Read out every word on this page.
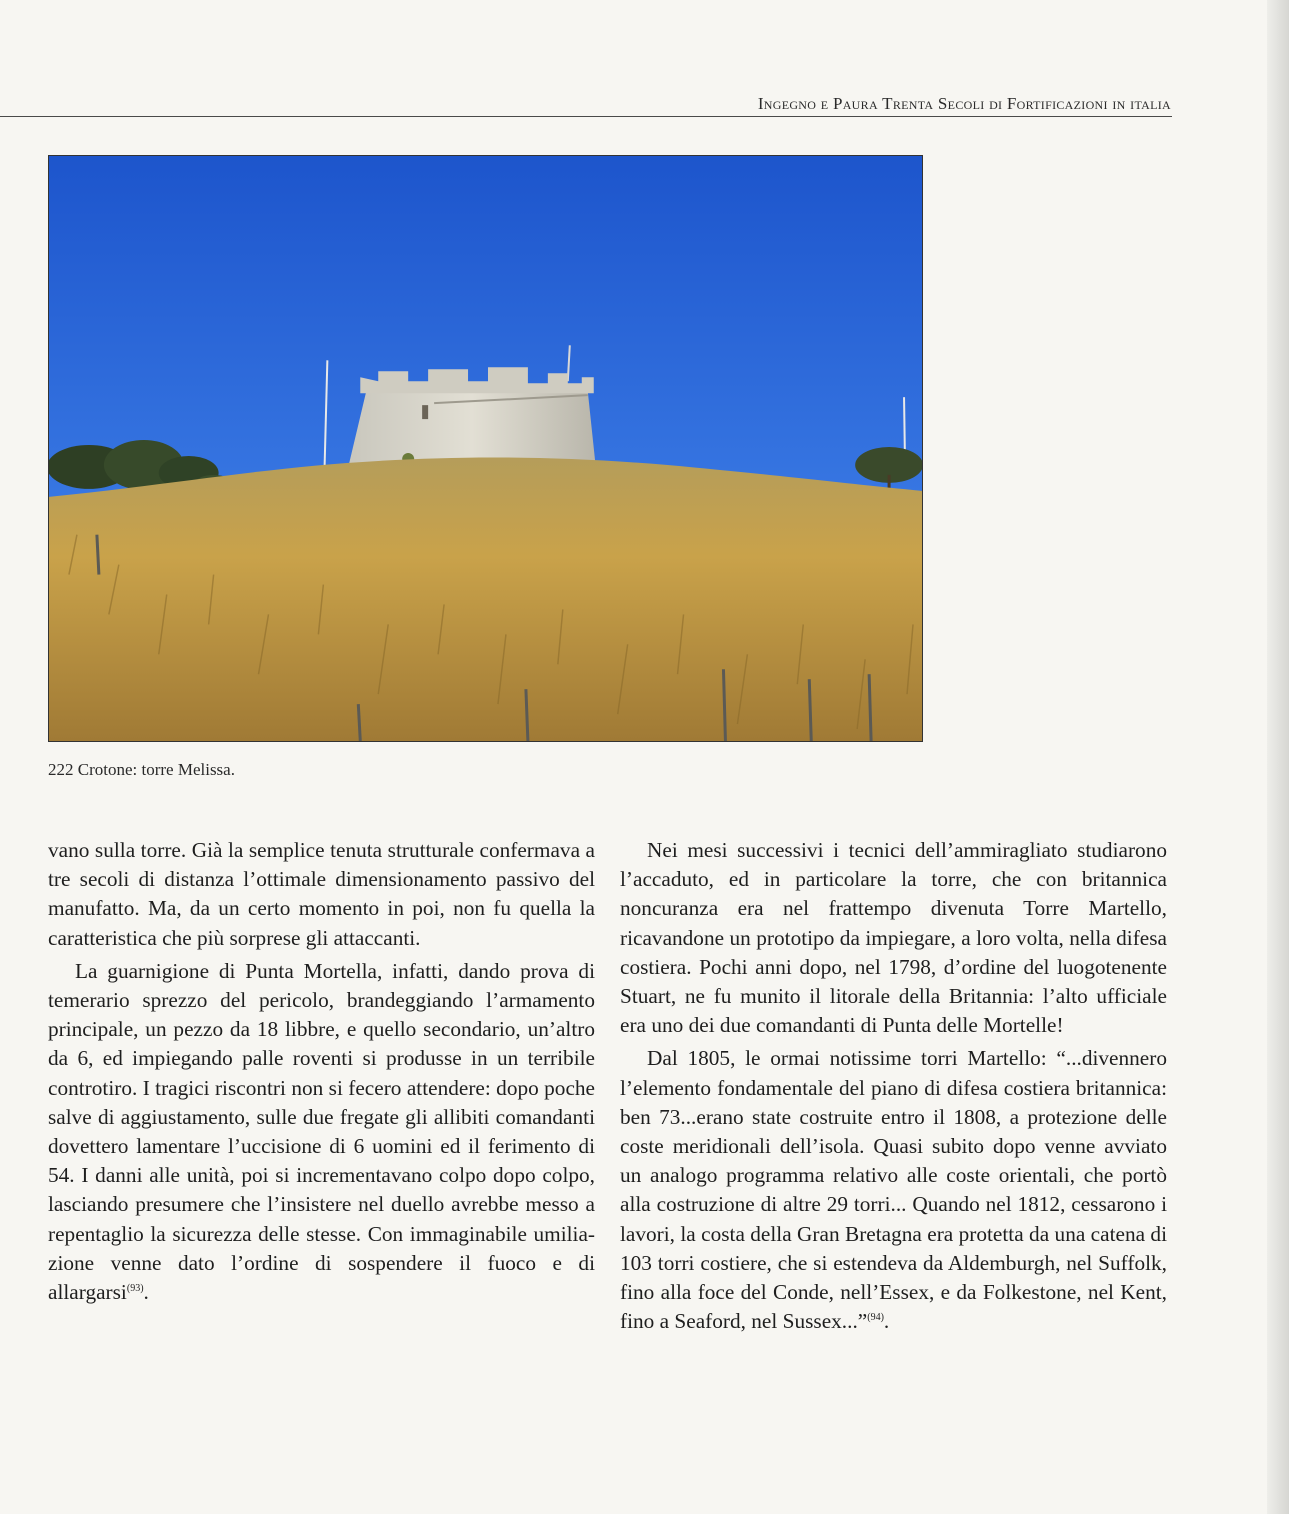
Ingegno e Paura Trenta Secoli di Fortificazioni in italia
222 Crotone: torre Melissa.

vano sulla torre. Già la semplice tenuta strutturale confermava a tre secoli di distanza l’ottimale dimensionamento passivo del manufatto. Ma, da un certo momento in poi, non fu quella la caratteristica che più sorprese gli attaccanti.

La guarnigione di Punta Mortella, infatti, dando prova di temerario sprezzo del pericolo, brandeggiando l’armamento principale, un pezzo da 18 libbre, e quello secondario, un’altro da 6, ed impiegando palle roventi si produsse in un terribile controtiro. I tragici riscontri non si fecero attendere: dopo poche salve di aggiustamento, sulle due fregate gli allibiti comandanti dovettero lamentare l’uccisione di 6 uomini ed il ferimento di 54. I danni alle unità, poi si incrementavano colpo dopo colpo, lasciando presumere che l’insistere nel duello avrebbe messo a repentaglio la sicurezza delle stesse. Con immaginabile umiliazione venne dato l’ordine di sospendere il fuoco e di allargarsi$^{(93)}$.

Nei mesi successivi i tecnici dell’ammiragliato studiarono l’accaduto, ed in particolare la torre, che con britannica noncuranza era nel frattempo divenuta Torre Martello, ricavandone un prototipo da impiegare, a loro volta, nella difesa costiera. Pochi anni dopo, nel 1798, d’ordine del luogotenente Stuart, ne fu munito il litorale della Britannia: l’alto ufficiale era uno dei due comandanti di Punta delle Mortelle!

Dal 1805, le ormai notissime torri Martello: “...divennero l’elemento fondamentale del piano di difesa costiera britannica: ben 73...erano state costruite entro il 1808, a protezione delle coste meridionali dell’isola. Quasi subito dopo venne avviato un analogo programma relativo alle coste orientali, che portò alla costruzione di altre 29 torri... Quando nel 1812, cessarono i lavori, la costa della Gran Bretagna era protetta da una catena di 103 torri costiere, che si estendeva da Aldemburgh, nel Suffolk, fino alla foce del Conde, nell’Essex, e da Folkestone, nel Kent, fino a Seaford, nel Sussex...”$^{(94)}$.
